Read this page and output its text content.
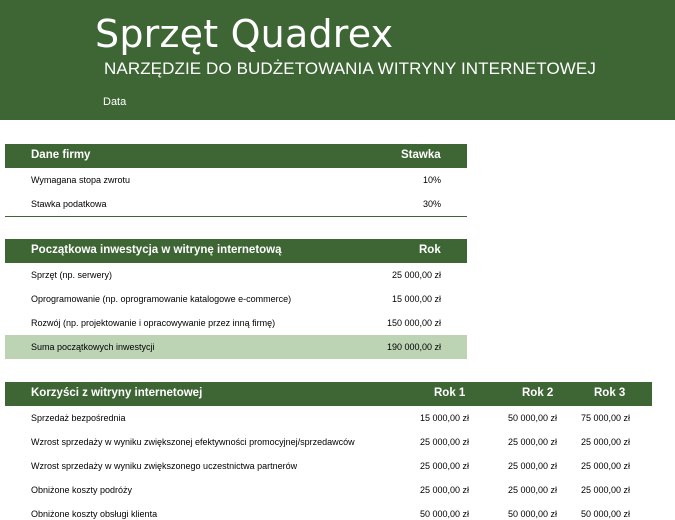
Sprzęt Quadrex
NARZĘDZIE DO BUDŻETOWANIA WITRYNY INTERNETOWEJ
Data
Dane firmy	Stawka
Wymagana stopa zwrotu	10%
Stawka podatkowa	30%
Początkowa inwestycja w witrynę internetową	Rok
Sprzęt (np. serwery)	25 000,00 zł
Oprogramowanie (np. oprogramowanie katalogowe e-commerce)	15 000,00 zł
Rozwój (np. projektowanie i opracowywanie przez inną firmę)	150 000,00 zł
Suma początkowych inwestycji	190 000,00 zł
Korzyści z witryny internetowej	Rok 1	Rok 2	Rok 3
Sprzedaż bezpośrednia	15 000,00 zł	50 000,00 zł	75 000,00 zł
Wzrost sprzedaży w wyniku zwiększonej efektywności promocyjnej/sprzedawców	25 000,00 zł	25 000,00 zł	25 000,00 zł
Wzrost sprzedaży w wyniku zwiększonego uczestnictwa partnerów	25 000,00 zł	25 000,00 zł	25 000,00 zł
Obniżone koszty podróży	25 000,00 zł	25 000,00 zł	25 000,00 zł
Obniżone koszty obsługi klienta	50 000,00 zł	50 000,00 zł	50 000,00 zł
